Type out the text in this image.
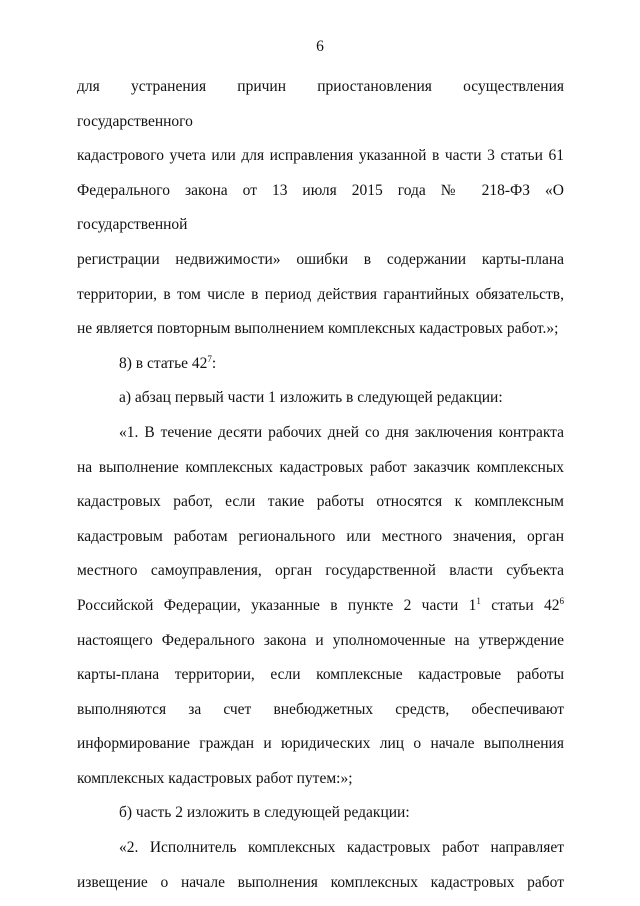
6
для устранения причин приостановления осуществления государственного
кадастрового учета или для исправления указанной в части 3 статьи 61
Федерального закона от 13 июля 2015 года № 218-ФЗ «О государственной
регистрации недвижимости» ошибки в содержании карты-плана
территории, в том числе в период действия гарантийных обязательств,
не является повторным выполнением комплексных кадастровых работ.»;
8) в статье $42^7$:
а) абзац первый части 1 изложить в следующей редакции:
«1. В течение десяти рабочих дней со дня заключения контракта
на выполнение комплексных кадастровых работ заказчик комплексных
кадастровых работ, если такие работы относятся к комплексным
кадастровым работам регионального или местного значения, орган
местного самоуправления, орган государственной власти субъекта
Российской Федерации, указанные в пункте 2 части $1^1$ статьи $42^6$
настоящего Федерального закона и уполномоченные на утверждение
карты-плана территории, если комплексные кадастровые работы
выполняются за счет внебюджетных средств, обеспечивают
информирование граждан и юридических лиц о начале выполнения
комплексных кадастровых работ путем:»;
б) часть 2 изложить в следующей редакции:
«2. Исполнитель комплексных кадастровых работ направляет
извещение о начале выполнения комплексных кадастровых работ
